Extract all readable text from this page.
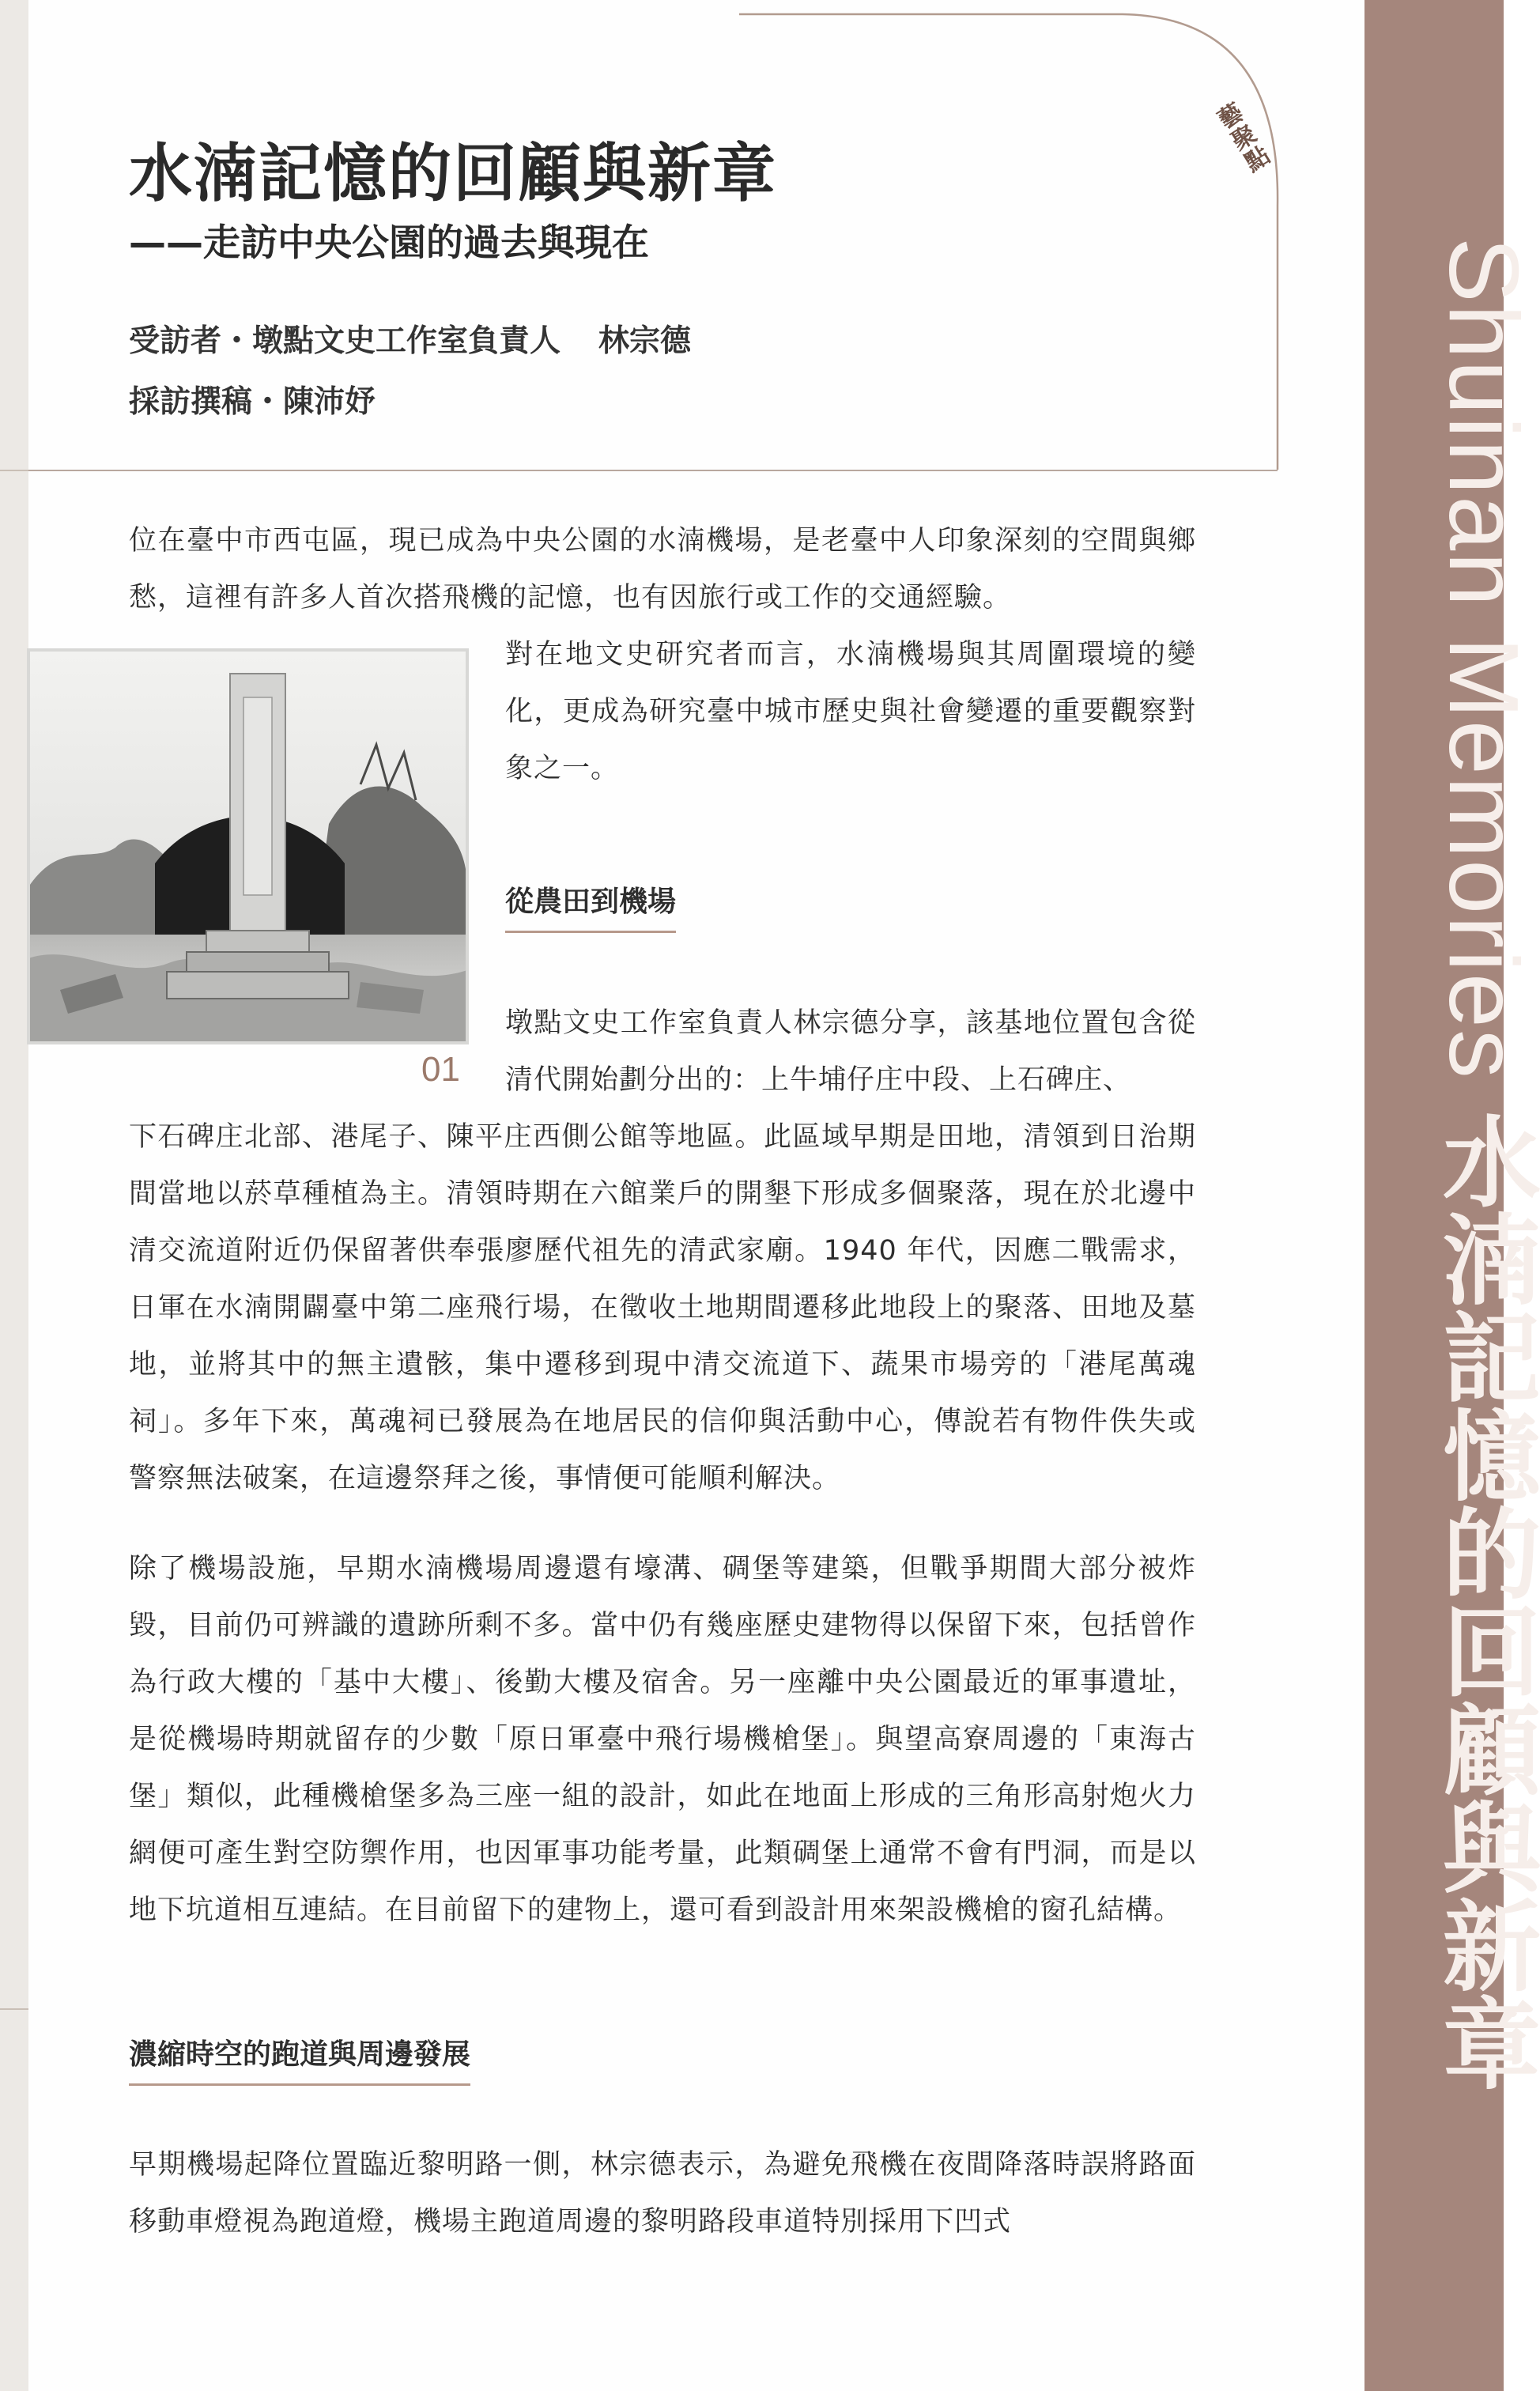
藝聚點
Shuinan Memories 水湳記憶的回顧與新章
水湳記憶的回顧與新章
——走訪中央公園的過去與現在
受訪者・墩點文史工作室負責人 林宗德
採訪撰稿・陳沛妤

位在臺中市西屯區，現已成為中央公園的水湳機場，是老臺中人印象深刻的空間與鄉愁，這裡有許多人首次搭飛機的記憶，也有因旅行或工作的交通經驗。

對在地文史研究者而言，水湳機場與其周圍環境的變化，更成為研究臺中城市歷史與社會變遷的重要觀察對象之一。

01
從農田到機場

墩點文史工作室負責人林宗德分享，該基地位置包含從清代開始劃分出的：上牛埔仔庄中段、上石碑庄、

下石碑庄北部、港尾子、陳平庄西側公館等地區。此區域早期是田地，清領到日治期間當地以菸草種植為主。清領時期在六館業戶的開墾下形成多個聚落，現在於北邊中清交流道附近仍保留著供奉張廖歷代祖先的清武家廟。1940 年代，因應二戰需求，日軍在水湳開闢臺中第二座飛行場，在徵收土地期間遷移此地段上的聚落、田地及墓地，並將其中的無主遺骸，集中遷移到現中清交流道下、蔬果市場旁的「港尾萬魂祠」。多年下來，萬魂祠已發展為在地居民的信仰與活動中心，傳說若有物件佚失或警察無法破案，在這邊祭拜之後，事情便可能順利解決。

除了機場設施，早期水湳機場周邊還有壕溝、碉堡等建築，但戰爭期間大部分被炸毀，目前仍可辨識的遺跡所剩不多。當中仍有幾座歷史建物得以保留下來，包括曾作為行政大樓的「基中大樓」、後勤大樓及宿舍。另一座離中央公園最近的軍事遺址，是從機場時期就留存的少數「原日軍臺中飛行場機槍堡」。與望高寮周邊的「東海古堡」類似，此種機槍堡多為三座一組的設計，如此在地面上形成的三角形高射炮火力網便可產生對空防禦作用，也因軍事功能考量，此類碉堡上通常不會有門洞，而是以地下坑道相互連結。在目前留下的建物上，還可看到設計用來架設機槍的窗孔結構。

濃縮時空的跑道與周邊發展

早期機場起降位置臨近黎明路一側，林宗德表示，為避免飛機在夜間降落時誤將路面移動車燈視為跑道燈，機場主跑道周邊的黎明路段車道特別採用下凹式
